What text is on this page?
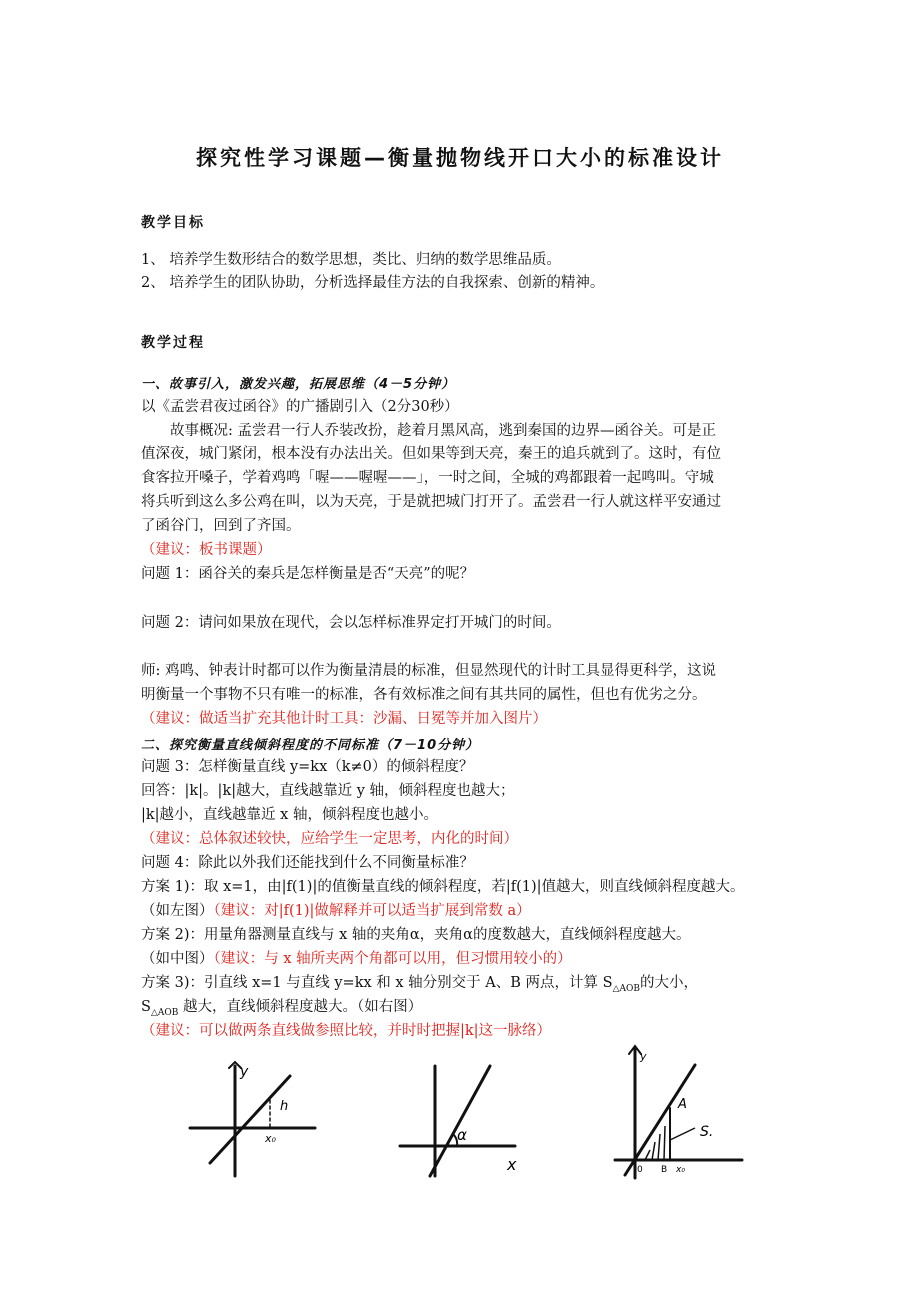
探究性学习课题—衡量抛物线开口大小的标准设计
教学目标
1、 培养学生数形结合的数学思想，类比、归纳的数学思维品质。
2、 培养学生的团队协助，分析选择最佳方法的自我探索、创新的精神。
教学过程
一、故事引入，激发兴趣，拓展思维（4－5分钟）
以《孟尝君夜过函谷》的广播剧引入（2分30秒）
故事概况: 孟尝君一行人乔装改扮，趁着月黑风高，逃到秦国的边界—函谷关。可是正
值深夜，城门紧闭，根本没有办法出关。但如果等到天亮，秦王的追兵就到了。这时，有位
食客拉开嗓子，学着鸡鸣「喔——喔喔——」，一时之间，全城的鸡都跟着一起鸣叫。守城
将兵听到这么多公鸡在叫，以为天亮，于是就把城门打开了。孟尝君一行人就这样平安通过
了函谷门，回到了齐国。
（建议：板书课题）
问题 1：函谷关的秦兵是怎样衡量是否“天亮”的呢？
问题 2：请问如果放在现代，会以怎样标准界定打开城门的时间。
师: 鸡鸣、钟表计时都可以作为衡量清晨的标准，但显然现代的计时工具显得更科学，这说
明衡量一个事物不只有唯一的标准，各有效标准之间有其共同的属性，但也有优劣之分。
（建议：做适当扩充其他计时工具：沙漏、日冕等并加入图片）
二、探究衡量直线倾斜程度的不同标准（7－10分钟）
问题 3：怎样衡量直线 y=kx（k≠0）的倾斜程度？
回答：|k|。|k|越大，直线越靠近 y 轴，倾斜程度也越大；
|k|越小，直线越靠近 x 轴，倾斜程度也越小。
（建议：总体叙述较快，应给学生一定思考，内化的时间）
问题 4：除此以外我们还能找到什么不同衡量标准？
方案 1)：取 x=1，由|f(1)|的值衡量直线的倾斜程度，若|f(1)|值越大，则直线倾斜程度越大。
（如左图）（建议：对|f(1)|做解释并可以适当扩展到常数 a）
方案 2)：用量角器测量直线与 x 轴的夹角α，夹角α的度数越大，直线倾斜程度越大。
（如中图）（建议：与 x 轴所夹两个角都可以用，但习惯用较小的）
方案 3)：引直线 x=1 与直线 y=kx 和 x 轴分别交于 A、B 两点，计算 $S_{\triangle AOB}$的大小，
$S_{\triangle AOB}$ 越大，直线倾斜程度越大。（如右图）
（建议：可以做两条直线做参照比较，并时时把握|k|这一脉络）
y
h
x₀	α
x
A
S.
y
0 B x₀
